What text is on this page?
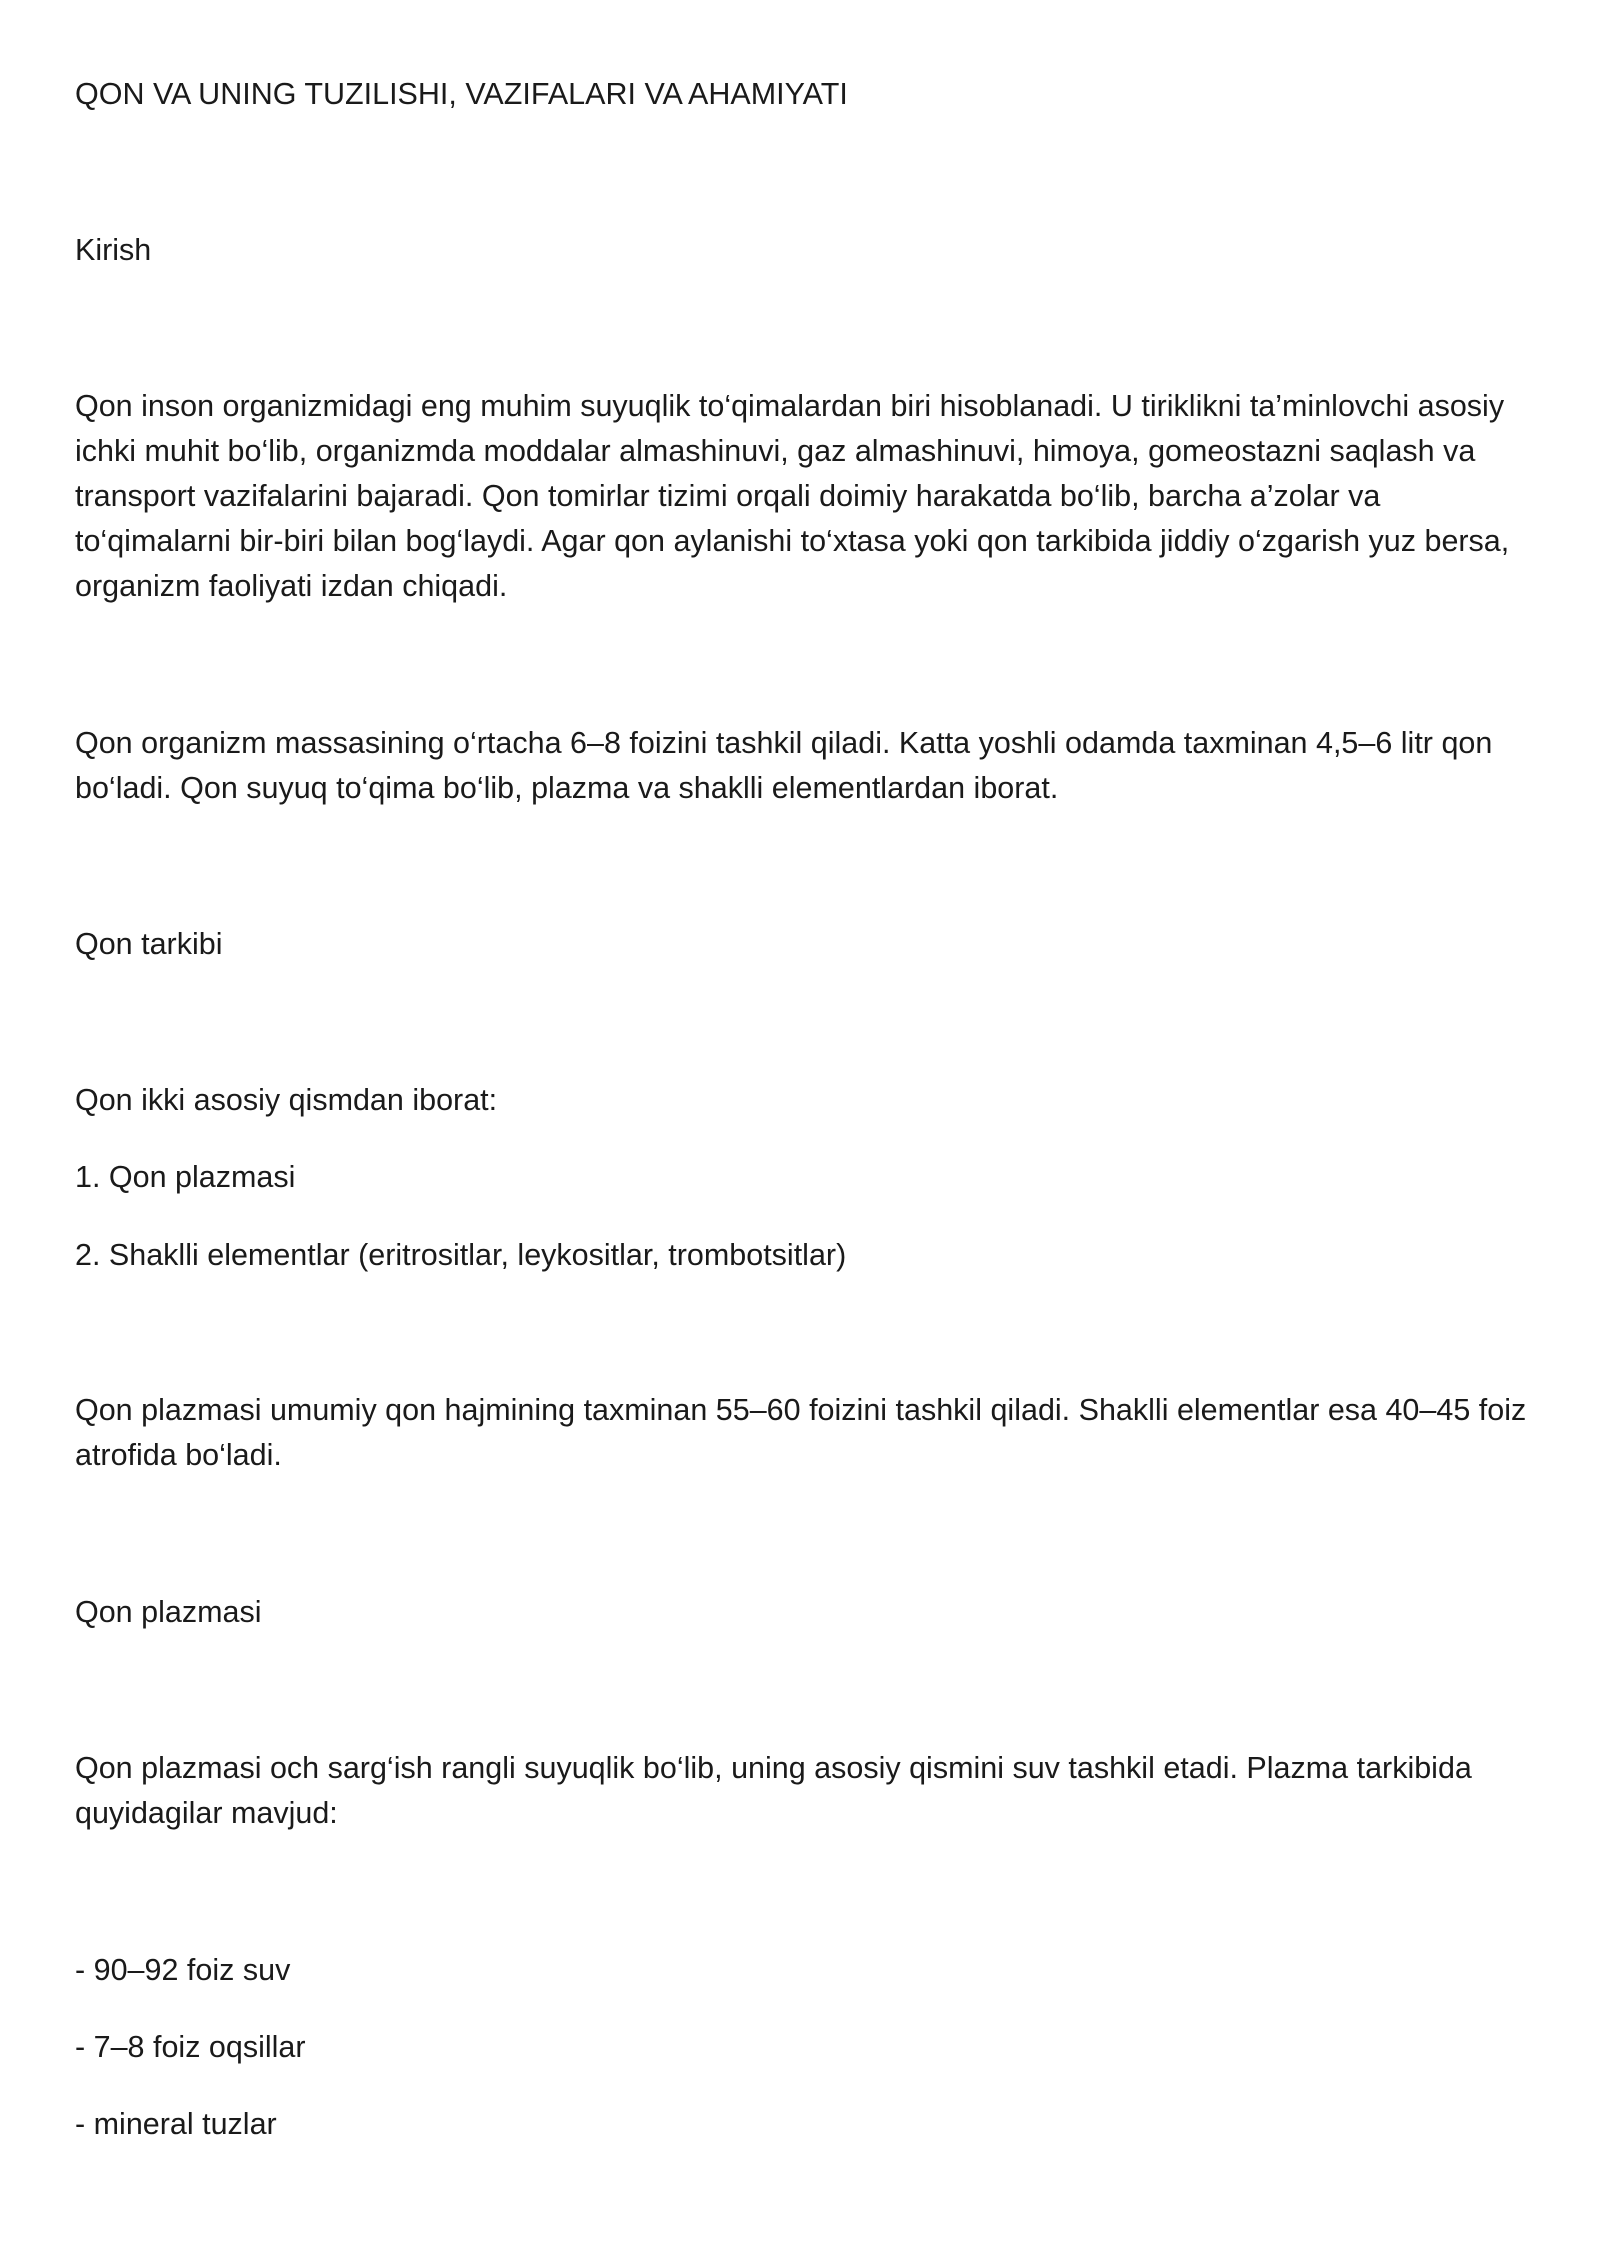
QON VA UNING TUZILISHI, VAZIFALARI VA AHAMIYATI

Kirish

Qon inson organizmidagi eng muhim suyuqlik to‘qimalardan biri hisoblanadi. U tiriklikni ta’minlovchi asosiy ichki muhit bo‘lib, organizmda moddalar almashinuvi, gaz almashinuvi, himoya, gomeostazni saqlash va transport vazifalarini bajaradi. Qon tomirlar tizimi orqali doimiy harakatda bo‘lib, barcha a’zolar va to‘qimalarni bir-biri bilan bog‘laydi. Agar qon aylanishi to‘xtasa yoki qon tarkibida jiddiy o‘zgarish yuz bersa, organizm faoliyati izdan chiqadi.

Qon organizm massasining o‘rtacha 6–8 foizini tashkil qiladi. Katta yoshli odamda taxminan 4,5–6 litr qon bo‘ladi. Qon suyuq to‘qima bo‘lib, plazma va shaklli elementlardan iborat.

Qon tarkibi

Qon ikki asosiy qismdan iborat:

1. Qon plazmasi

2. Shaklli elementlar (eritrositlar, leykositlar, trombotsitlar)

Qon plazmasi umumiy qon hajmining taxminan 55–60 foizini tashkil qiladi. Shaklli elementlar esa 40–45 foiz atrofida bo‘ladi.

Qon plazmasi

Qon plazmasi och sarg‘ish rangli suyuqlik bo‘lib, uning asosiy qismini suv tashkil etadi. Plazma tarkibida quyidagilar mavjud:

- 90–92 foiz suv

- 7–8 foiz oqsillar

- mineral tuzlar
